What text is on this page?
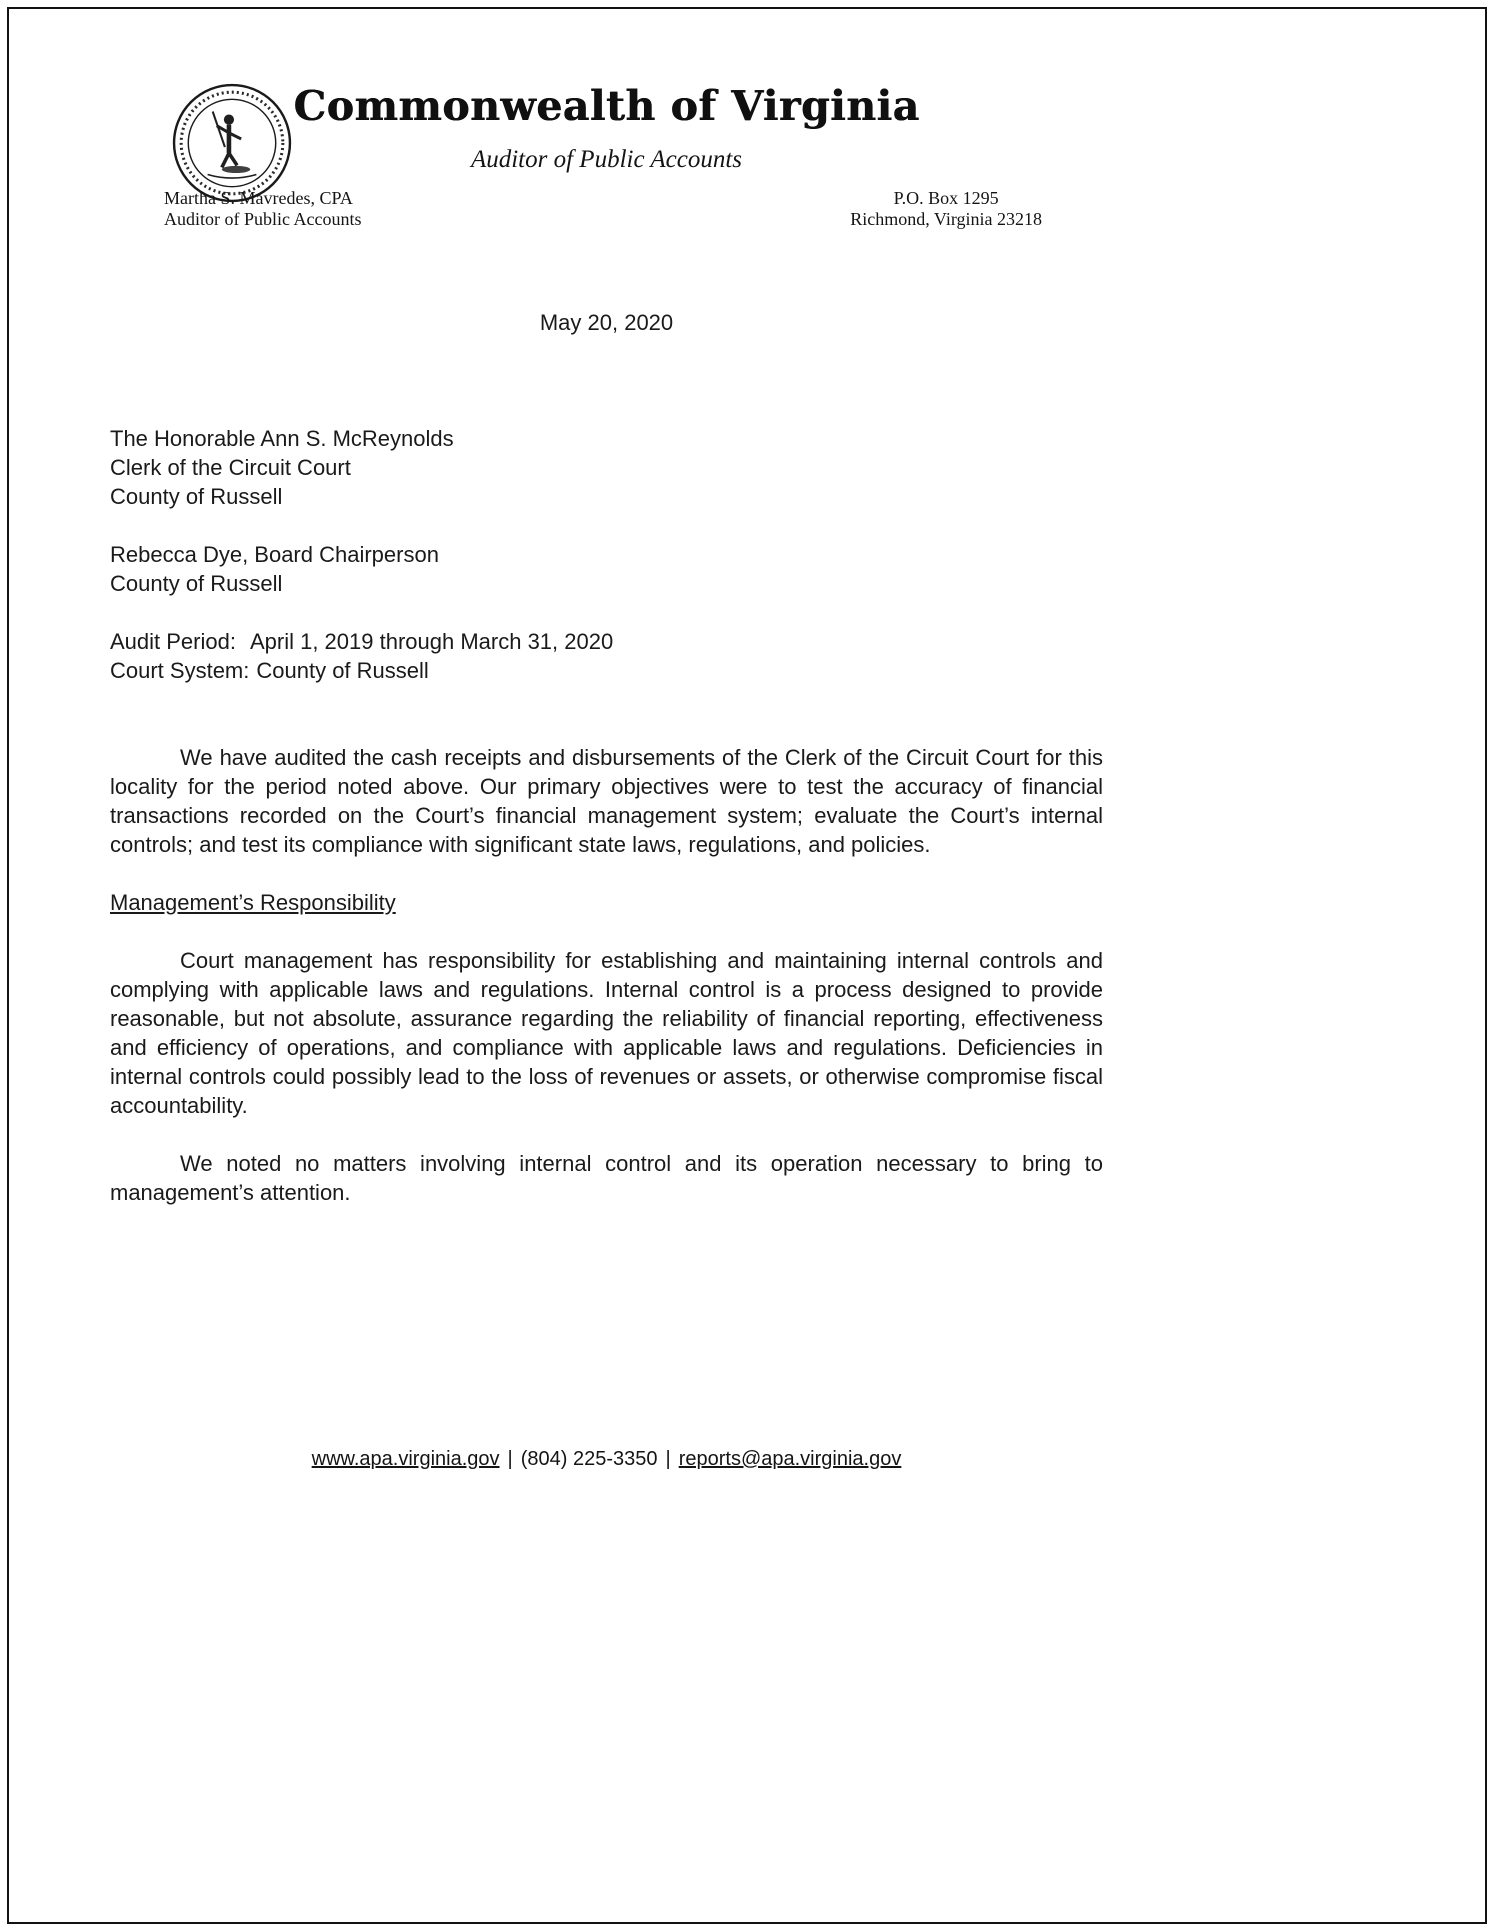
Commonwealth of Virginia
Auditor of Public Accounts
Martha S. Mavredes, CPA
Auditor of Public Accounts
P.O. Box 1295
Richmond, Virginia 23218
May 20, 2020
The Honorable Ann S. McReynolds
Clerk of the Circuit Court
County of Russell
Rebecca Dye, Board Chairperson
County of Russell
Audit Period: April 1, 2019 through March 31, 2020
Court System: County of Russell

We have audited the cash receipts and disbursements of the Clerk of the Circuit Court for this locality for the period noted above. Our primary objectives were to test the accuracy of financial transactions recorded on the Court’s financial management system; evaluate the Court’s internal controls; and test its compliance with significant state laws, regulations, and policies.

Management’s Responsibility

Court management has responsibility for establishing and maintaining internal controls and complying with applicable laws and regulations. Internal control is a process designed to provide reasonable, but not absolute, assurance regarding the reliability of financial reporting, effectiveness and efficiency of operations, and compliance with applicable laws and regulations. Deficiencies in internal controls could possibly lead to the loss of revenues or assets, or otherwise compromise fiscal accountability.

We noted no matters involving internal control and its operation necessary to bring to management’s attention.

www.apa.virginia.gov | (804) 225-3350 | reports@apa.virginia.gov
